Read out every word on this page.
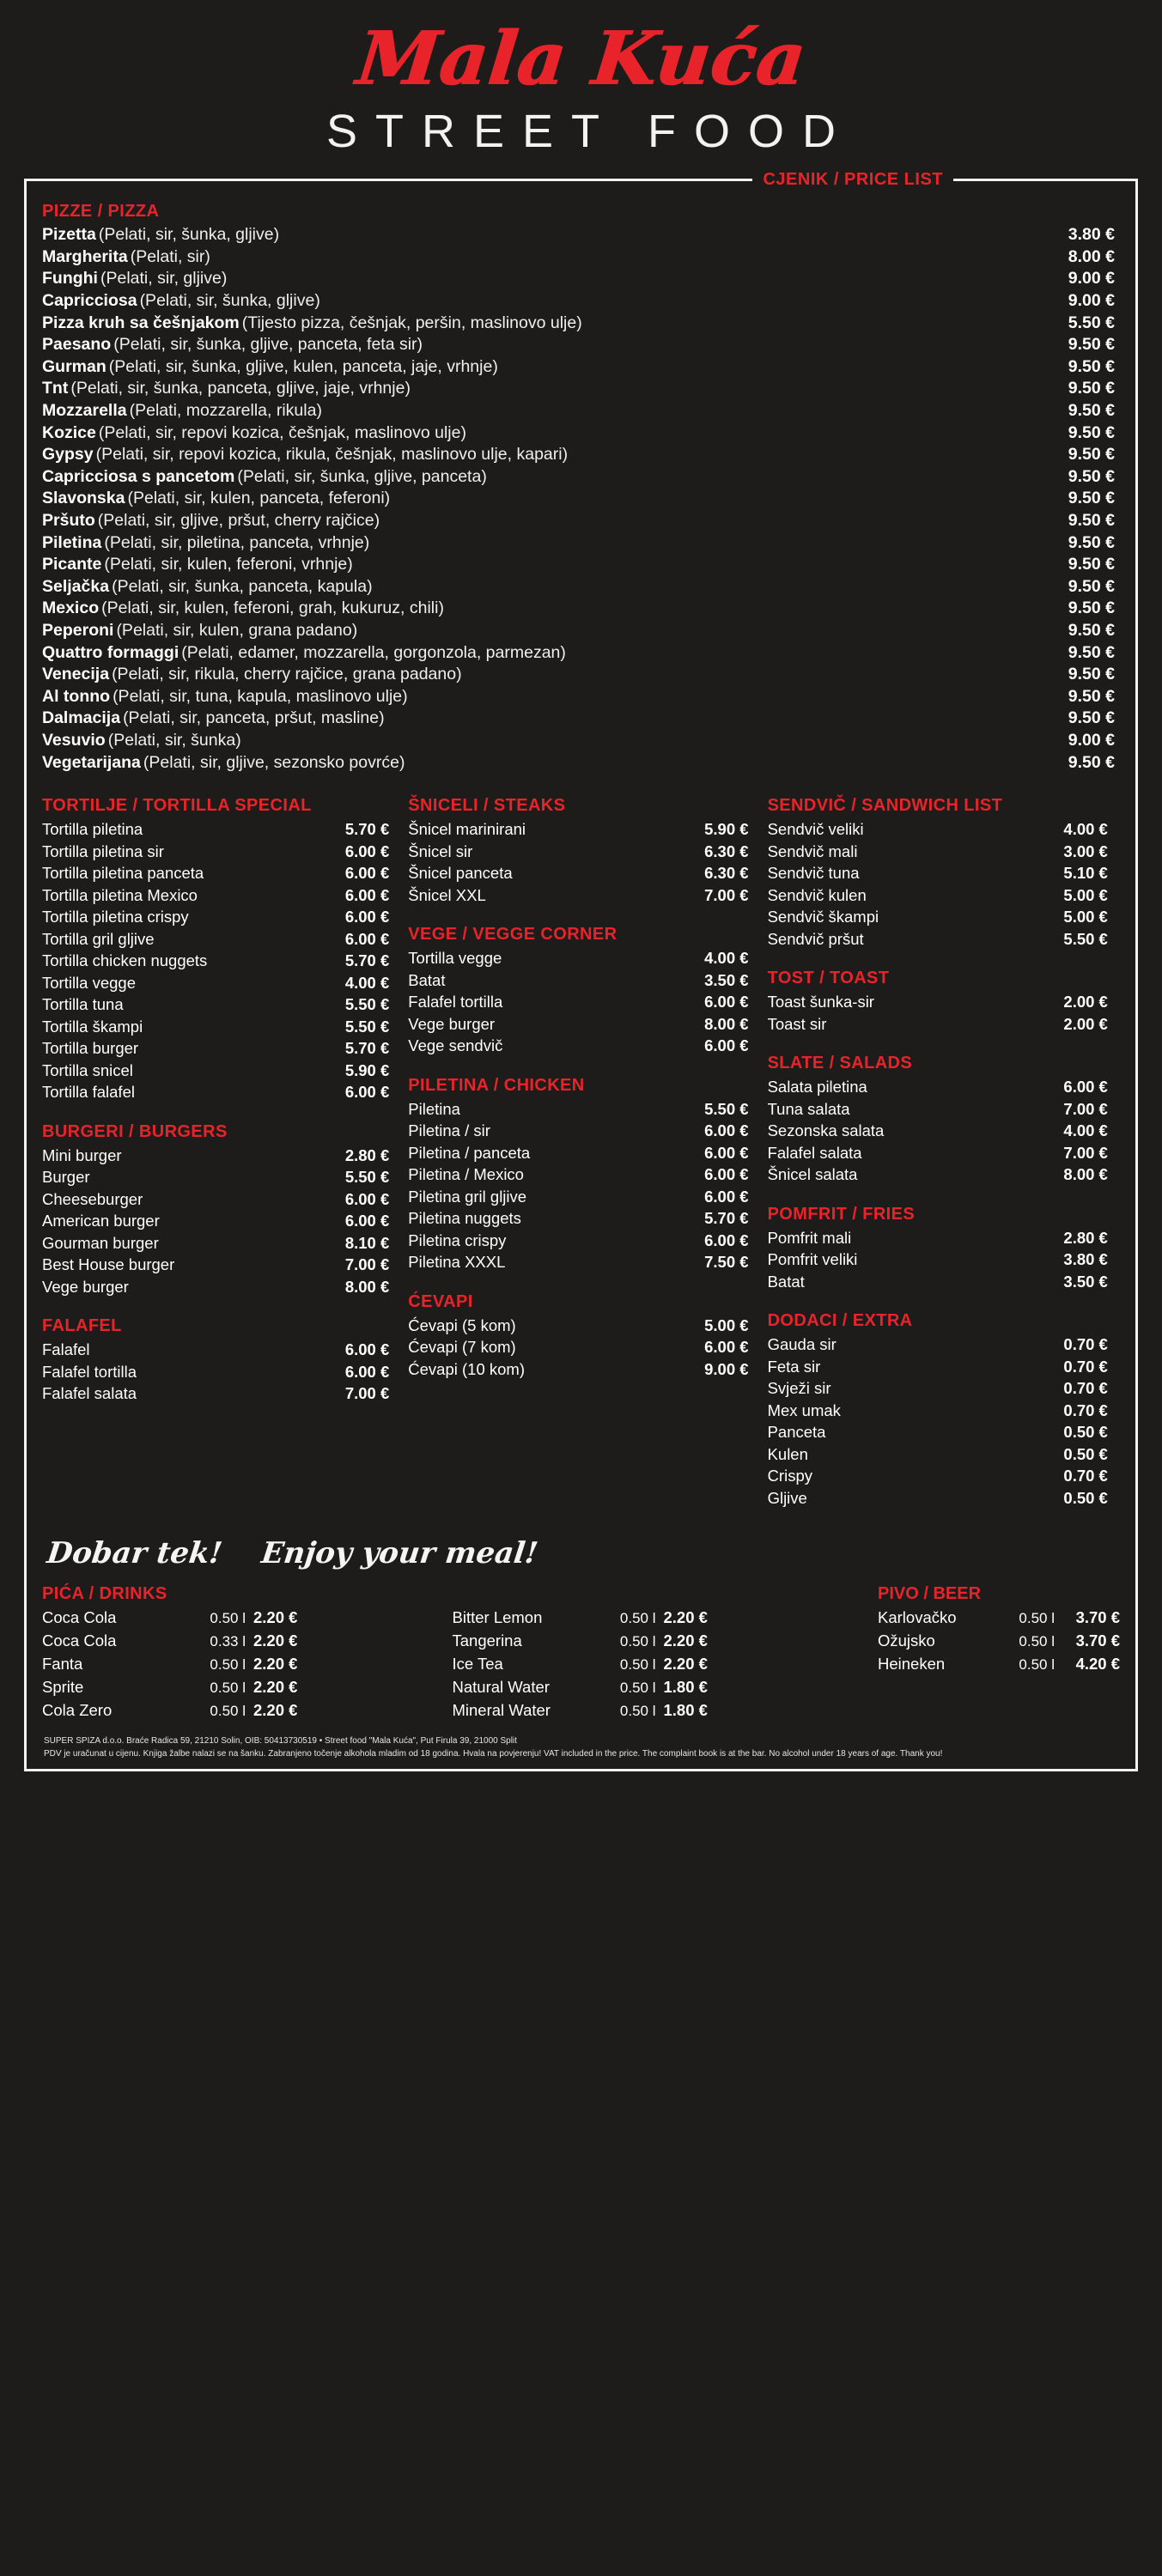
Mala Kuća
STREET FOOD
CJENIK / PRICE LIST
PIZZE / PIZZA
Pizetta (Pelati, sir, šunka, gljive)	3.80 €
Margherita (Pelati, sir)	8.00 €
Funghi (Pelati, sir, gljive)	9.00 €
Capricciosa (Pelati, sir, šunka, gljive)	9.00 €
Pizza kruh sa češnjakom (Tijesto pizza, češnjak, peršin, maslinovo ulje)	5.50 €
Paesano (Pelati, sir, šunka, gljive, panceta, feta sir)	9.50 €
Gurman (Pelati, sir, šunka, gljive, kulen, panceta, jaje, vrhnje)	9.50 €
Tnt (Pelati, sir, šunka, panceta, gljive, jaje, vrhnje)	9.50 €
Mozzarella (Pelati, mozzarella, rikula)	9.50 €
Kozice (Pelati, sir, repovi kozica, češnjak, maslinovo ulje)	9.50 €
Gypsy (Pelati, sir, repovi kozica, rikula, češnjak, maslinovo ulje, kapari)	9.50 €
Capricciosa s pancetom (Pelati, sir, šunka, gljive, panceta)	9.50 €
Slavonska (Pelati, sir, kulen, panceta, feferoni)	9.50 €
Pršuto (Pelati, sir, gljive, pršut, cherry rajčice)	9.50 €
Piletina (Pelati, sir, piletina, panceta, vrhnje)	9.50 €
Picante (Pelati, sir, kulen, feferoni, vrhnje)	9.50 €
Seljačka (Pelati, sir, šunka, panceta, kapula)	9.50 €
Mexico (Pelati, sir, kulen, feferoni, grah, kukuruz, chili)	9.50 €
Peperoni (Pelati, sir, kulen, grana padano)	9.50 €
Quattro formaggi (Pelati, edamer, mozzarella, gorgonzola, parmezan)	9.50 €
Venecija (Pelati, sir, rikula, cherry rajčice, grana padano)	9.50 €
Al tonno (Pelati, sir, tuna, kapula, maslinovo ulje)	9.50 €
Dalmacija (Pelati, sir, panceta, pršut, masline)	9.50 €
Vesuvio (Pelati, sir, šunka)	9.00 €
Vegetarijana (Pelati, sir, gljive, sezonsko povrće)	9.50 €
TORTILJE / TORTILLA SPECIAL
Tortilla piletina	5.70 €
Tortilla piletina sir	6.00 €
Tortilla piletina panceta	6.00 €
Tortilla piletina Mexico	6.00 €
Tortilla piletina crispy	6.00 €
Tortilla gril gljive	6.00 €
Tortilla chicken nuggets	5.70 €
Tortilla vegge	4.00 €
Tortilla tuna	5.50 €
Tortilla škampi	5.50 €
Tortilla burger	5.70 €
Tortilla snicel	5.90 €
Tortilla falafel	6.00 €
BURGERI / BURGERS
Mini burger	2.80 €
Burger	5.50 €
Cheeseburger	6.00 €
American burger	6.00 €
Gourman burger	8.10 €
Best House burger	7.00 €
Vege burger	8.00 €
FALAFEL
Falafel	6.00 €
Falafel tortilla	6.00 €
Falafel salata	7.00 €
ŠNICELI / STEAKS
Šnicel marinirani	5.90 €
Šnicel sir	6.30 €
Šnicel panceta	6.30 €
Šnicel XXL	7.00 €
VEGE / VEGGE CORNER
Tortilla vegge	4.00 €
Batat	3.50 €
Falafel tortilla	6.00 €
Vege burger	8.00 €
Vege sendvič	6.00 €
PILETINA / CHICKEN
Piletina	5.50 €
Piletina / sir	6.00 €
Piletina / panceta	6.00 €
Piletina / Mexico	6.00 €
Piletina gril gljive	6.00 €
Piletina nuggets	5.70 €
Piletina crispy	6.00 €
Piletina XXXL	7.50 €
ĆEVAPI
Ćevapi (5 kom)	5.00 €
Ćevapi (7 kom)	6.00 €
Ćevapi (10 kom)	9.00 €
SENDVIČ / SANDWICH LIST
Sendvič veliki	4.00 €
Sendvič mali	3.00 €
Sendvič tuna	5.10 €
Sendvič kulen	5.00 €
Sendvič škampi	5.00 €
Sendvič pršut	5.50 €
TOST / TOAST
Toast šunka-sir	2.00 €
Toast sir	2.00 €
SLATE / SALADS
Salata piletina	6.00 €
Tuna salata	7.00 €
Sezonska salata	4.00 €
Falafel salata	7.00 €
Šnicel salata	8.00 €
POMFRIT / FRIES
Pomfrit mali	2.80 €
Pomfrit veliki	3.80 €
Batat	3.50 €
DODACI / EXTRA
Gauda sir	0.70 €
Feta sir	0.70 €
Svježi sir	0.70 €
Mex umak	0.70 €
Panceta	0.50 €
Kulen	0.50 €
Crispy	0.70 €
Gljive	0.50 €
Dobar tek! Enjoy your meal!
PIĆA / DRINKS
Coca Cola	0.50 l 2.20 €
Coca Cola	0.33 l 2.20 €
Fanta	0.50 l 2.20 €
Sprite	0.50 l 2.20 €
Cola Zero	0.50 l 2.20 €
Bitter Lemon	0.50 l 2.20 €
Tangerina	0.50 l 2.20 €
Ice Tea	0.50 l 2.20 €
Natural Water	0.50 l 1.80 €
Mineral Water	0.50 l 1.80 €
PIVO / BEER
Karlovačko	0.50 l	3.70 €
Ožujsko	0.50 l	3.70 €
Heineken	0.50 l	4.20 €
SUPER SPIZA d.o.o. Braće Radica 59, 21210 Solin, OIB: 50413730519 • Street food "Mala Kuća", Put Firula 39, 21000 Split
PDV je uračunat u cijenu. Knjiga žalbe nalazi se na šanku. Zabranjeno točenje alkohola mladim od 18 godina. Hvala na povjerenju! VAT included in the price. The complaint book is at the bar. No alcohol under 18 years of age. Thank you!
